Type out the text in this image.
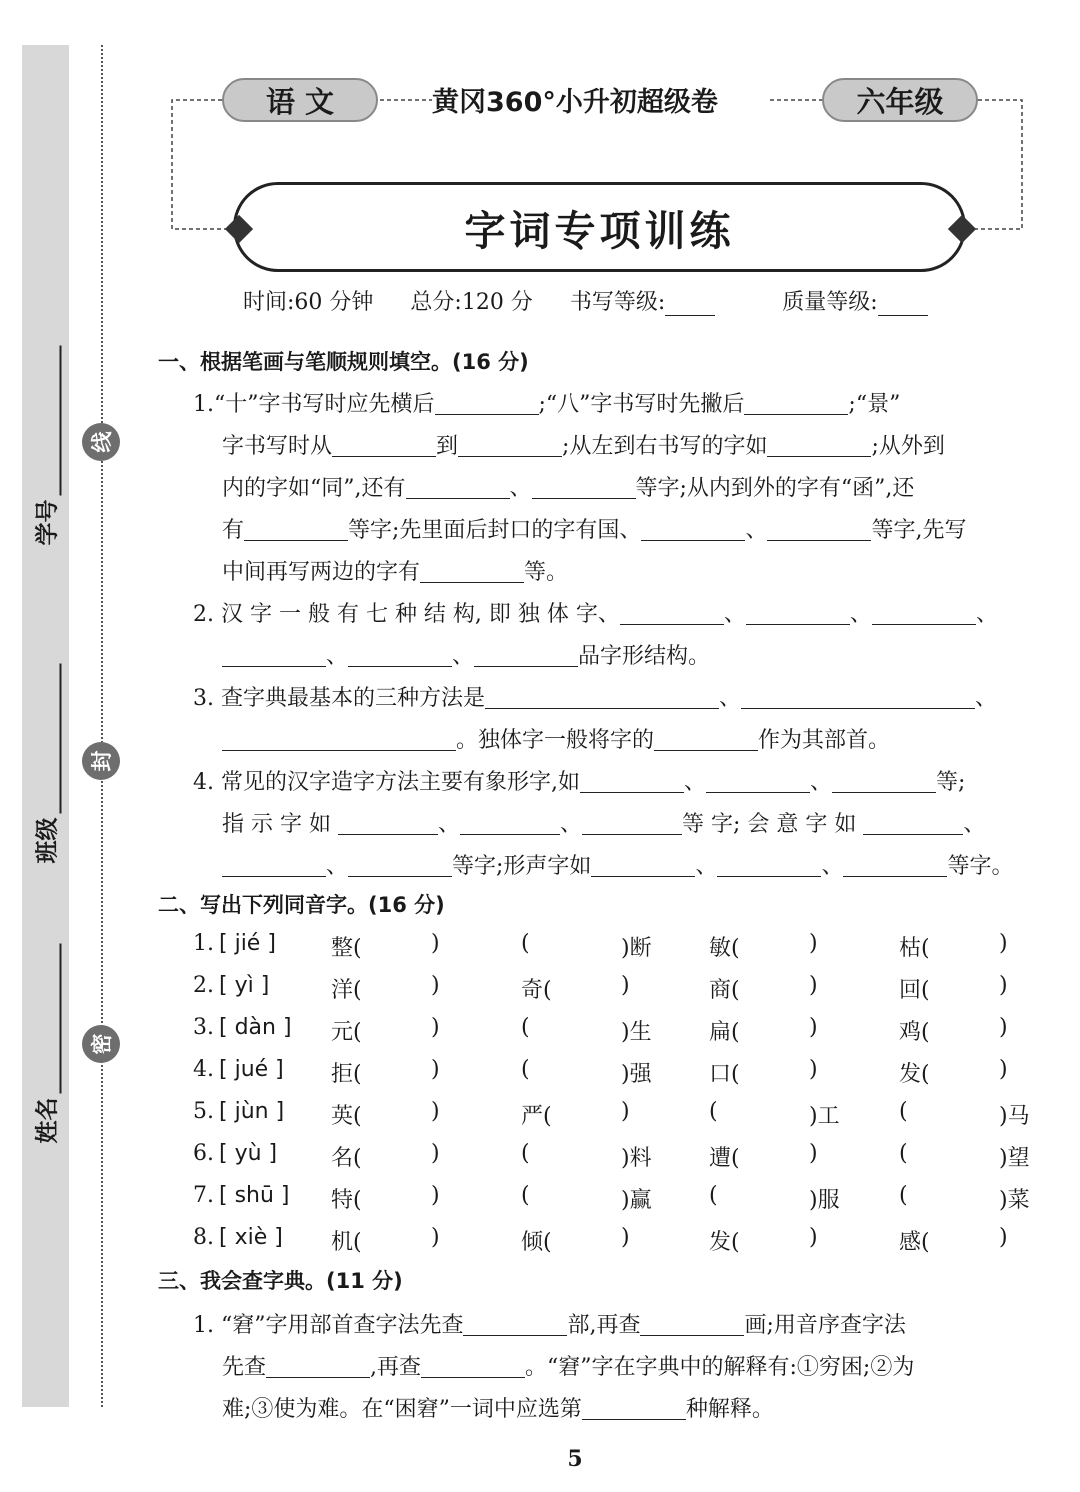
线
封
密
学号
班级
姓名
语 文	黄冈360°小升初超级卷	六年级
字词专项训练
时间:60 分钟 总分:120 分 书写等级:	质量等级:
一、根据笔画与笔顺规则填空。(16 分)
1.“十”字书写时应先横后	;“八”字书写时先撇后	;“景”
字书写时从	到	;从左到右书写的字如	;从外到
内的字如“同”,还有	、	等字;从内到外的字有“函”,还
有	等字;先里面后封口的字有国、	、	等字,先写
中间再写两边的字有	等。
2. 汉 字 一 般 有 七 种 结 构, 即 独 体 字、	、	、	、
、	、	品字形结构。
3. 查字典最基本的三种方法是	、	、
。独体字一般将字的	作为其部首。
4. 常见的汉字造字方法主要有象形字,如	、	、	等;
指 示 字 如	、	、	等 字; 会 意 字 如	、
、	等字;形声字如	、	、	等字。
二、写出下列同音字。(16 分)
1. [ jié ]	整(	)	(	)断	敏(	)	枯(	)
2. [ yì ]	洋(	)	奇(	)	商(	)	回(	)
3. [ dàn ] 元(	)	(	)生	扁(	)	鸡(	)
4. [ jué ] 拒(	)	(	)强	口(	)	发(	)
5. [ jùn ] 英(	)	严(	)	(	)工	(	)马
6. [ yù ] 名(	)	(	)料	遭(	)	(	)望
7. [ shū ] 特(	)	(	)赢	(	)服	(	)菜
8. [ xiè ] 机(	)	倾(	)	发(	)	感(	)
三、我会查字典。(11 分)
1. “窘”字用部首查字法先查	部,再查	画;用音序查字法
先查	,再查	。“窘”字在字典中的解释有:①穷困;②为
难;③使为难。在“困窘”一词中应选第	种解释。
5
